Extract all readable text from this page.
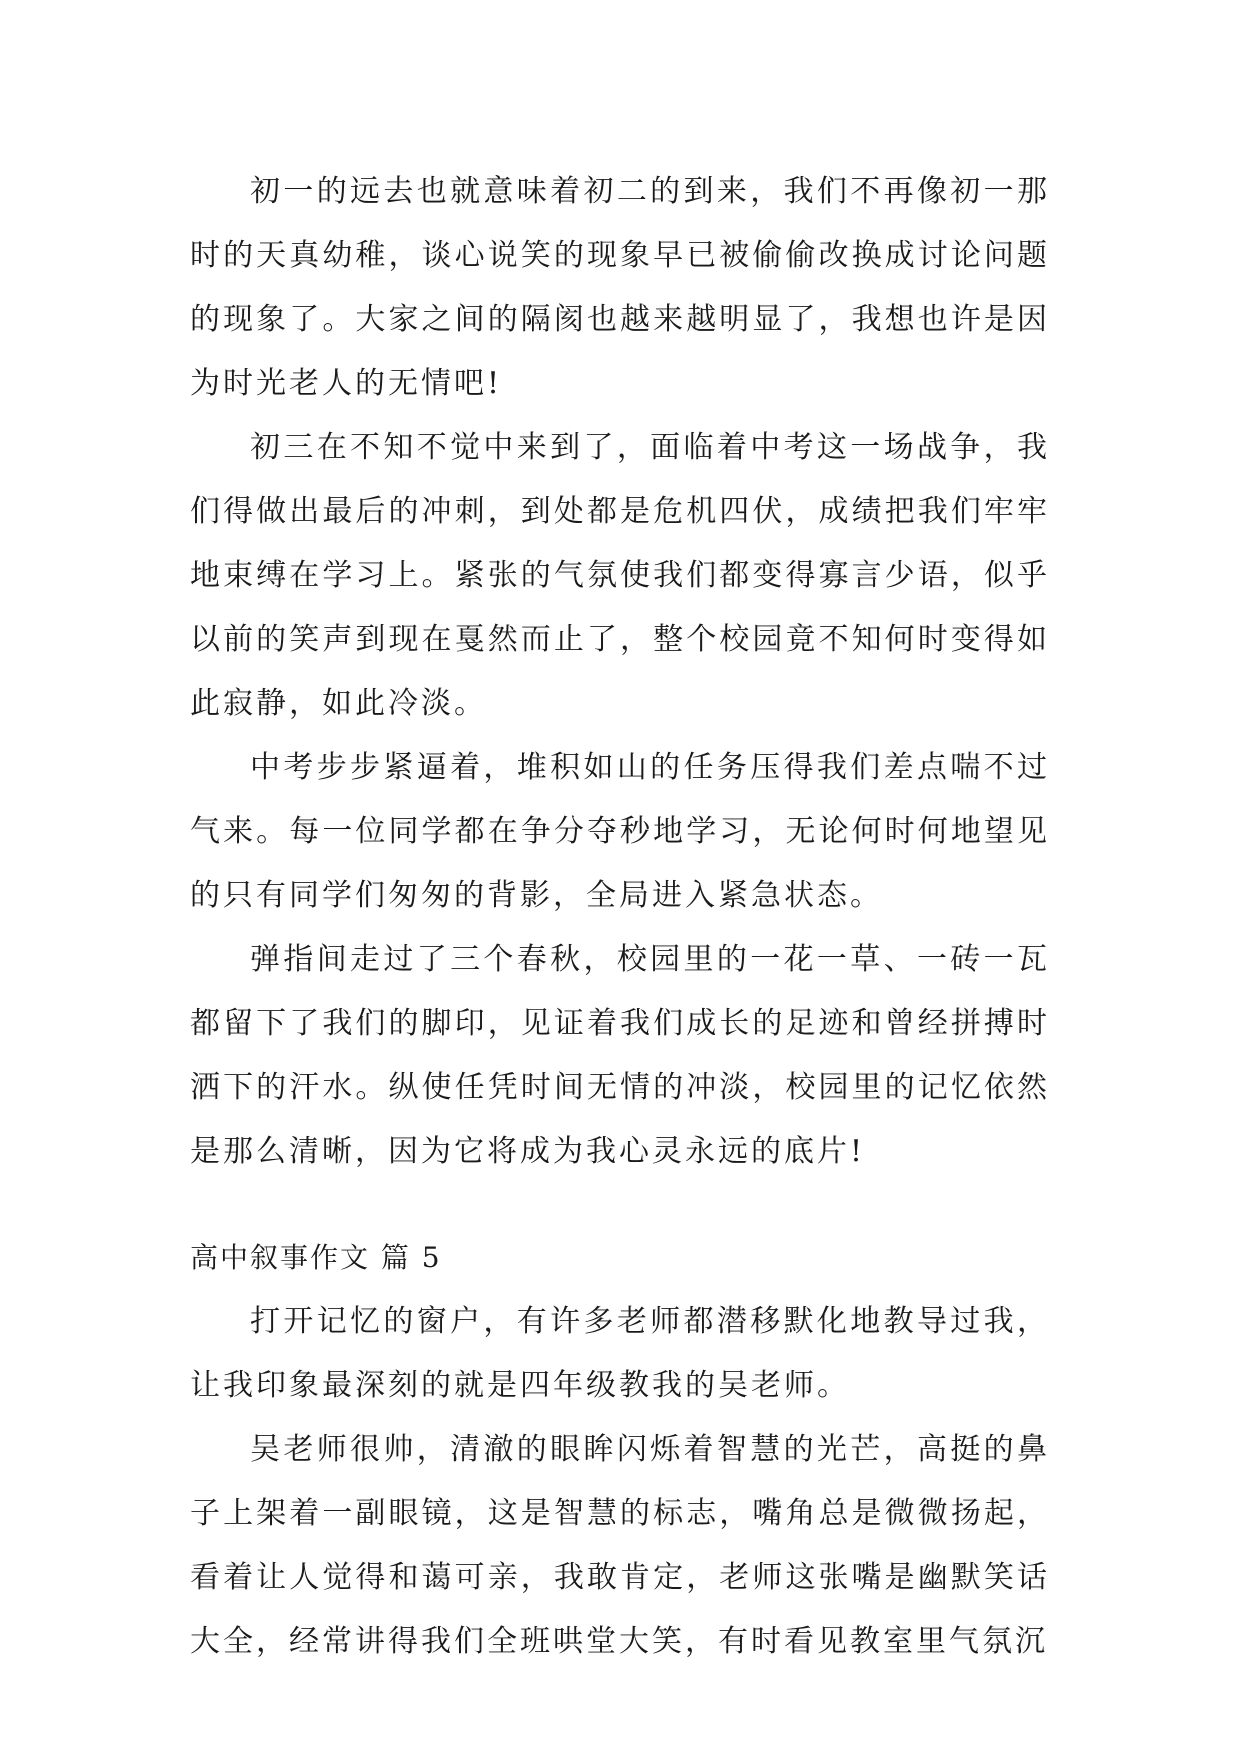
初一的远去也就意味着初二的到来，我们不再像初一那时的天真幼稚，谈心说笑的现象早已被偷偷改换成讨论问题的现象了。大家之间的隔阂也越来越明显了，我想也许是因为时光老人的无情吧!

初三在不知不觉中来到了，面临着中考这一场战争，我们得做出最后的冲刺，到处都是危机四伏，成绩把我们牢牢地束缚在学习上。紧张的气氛使我们都变得寡言少语，似乎以前的笑声到现在戛然而止了，整个校园竟不知何时变得如此寂静，如此冷淡。

中考步步紧逼着，堆积如山的任务压得我们差点喘不过气来。每一位同学都在争分夺秒地学习，无论何时何地望见的只有同学们匆匆的背影，全局进入紧急状态。

弹指间走过了三个春秋，校园里的一花一草、一砖一瓦都留下了我们的脚印，见证着我们成长的足迹和曾经拼搏时洒下的汗水。纵使任凭时间无情的冲淡，校园里的记忆依然是那么清晰，因为它将成为我心灵永远的底片!

高中叙事作文 篇 5

打开记忆的窗户，有许多老师都潜移默化地教导过我，让我印象最深刻的就是四年级教我的吴老师。

吴老师很帅，清澈的眼眸闪烁着智慧的光芒，高挺的鼻子上架着一副眼镜，这是智慧的标志，嘴角总是微微扬起，看着让人觉得和蔼可亲，我敢肯定，老师这张嘴是幽默笑话大全，经常讲得我们全班哄堂大笑，有时看见教室里气氛沉
